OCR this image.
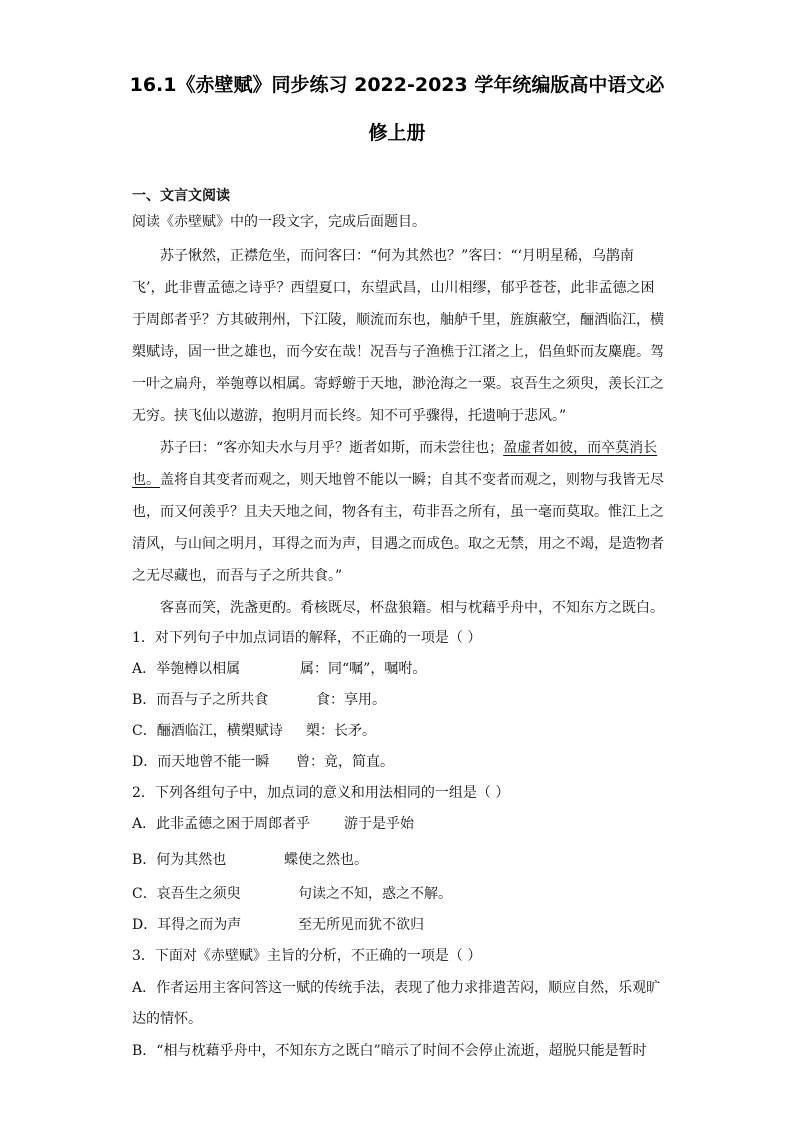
16.1《赤壁赋》同步练习 2022-2023 学年统编版高中语文必
修上册
一、文言文阅读
阅读《赤壁赋》中的一段文字，完成后面题目。
苏子愀然，正襟危坐，而问客曰：“何为其然也？”客曰：“‘月明星稀，乌鹊南
飞’，此非曹孟德之诗乎？西望夏口，东望武昌，山川相缪，郁乎苍苍，此非孟德之困
于周郎者乎？方其破荆州，下江陵，顺流而东也，舳舻千里，旌旗蔽空，酾酒临江，横
槊赋诗，固一世之雄也，而今安在哉！况吾与子渔樵于江渚之上，侣鱼虾而友麋鹿。驾
一叶之扁舟，举匏尊以相属。寄蜉蝣于天地，渺沧海之一粟。哀吾生之须臾，羡长江之
无穷。挟飞仙以遨游，抱明月而长终。知不可乎骤得，托遗响于悲风。”
苏子曰：“客亦知夫水与月乎？逝者如斯，而未尝往也；盈虚者如彼，而卒莫消长
也。盖将自其变者而观之，则天地曾不能以一瞬；自其不变者而观之，则物与我皆无尽
也，而又何羡乎？且夫天地之间，物各有主，苟非吾之所有，虽一毫而莫取。惟江上之
清风，与山间之明月，耳得之而为声，目遇之而成色。取之无禁，用之不竭，是造物者
之无尽藏也，而吾与子之所共食。”
客喜而笑，洗盏更酌。肴核既尽，杯盘狼籍。相与枕藉乎舟中，不知东方之既白。
1．对下列句子中加点词语的解释，不正确的一项是（ ）
A．举匏樽以相属	属：同“嘱”，嘱咐。
B．而吾与子之所共食	食：享用。
C．酾酒临江，横槊赋诗 槊：长矛。
D．而天地曾不能一瞬 曾：竟，简直。
2．下列各组句子中，加点词的意义和用法相同的一组是（ ）
A．此非孟德之困于周郎者乎 游于是乎始
B．何为其然也	蝶使之然也。
C．哀吾生之须臾	句读之不知，惑之不解。
D．耳得之而为声	至无所见而犹不欲归
3．下面对《赤壁赋》主旨的分析，不正确的一项是（ ）
A．作者运用主客问答这一赋的传统手法，表现了他力求排遣苦闷，顺应自然，乐观旷
达的情怀。
B．“相与枕藉乎舟中，不知东方之既白”暗示了时间不会停止流逝，超脱只能是暂时
